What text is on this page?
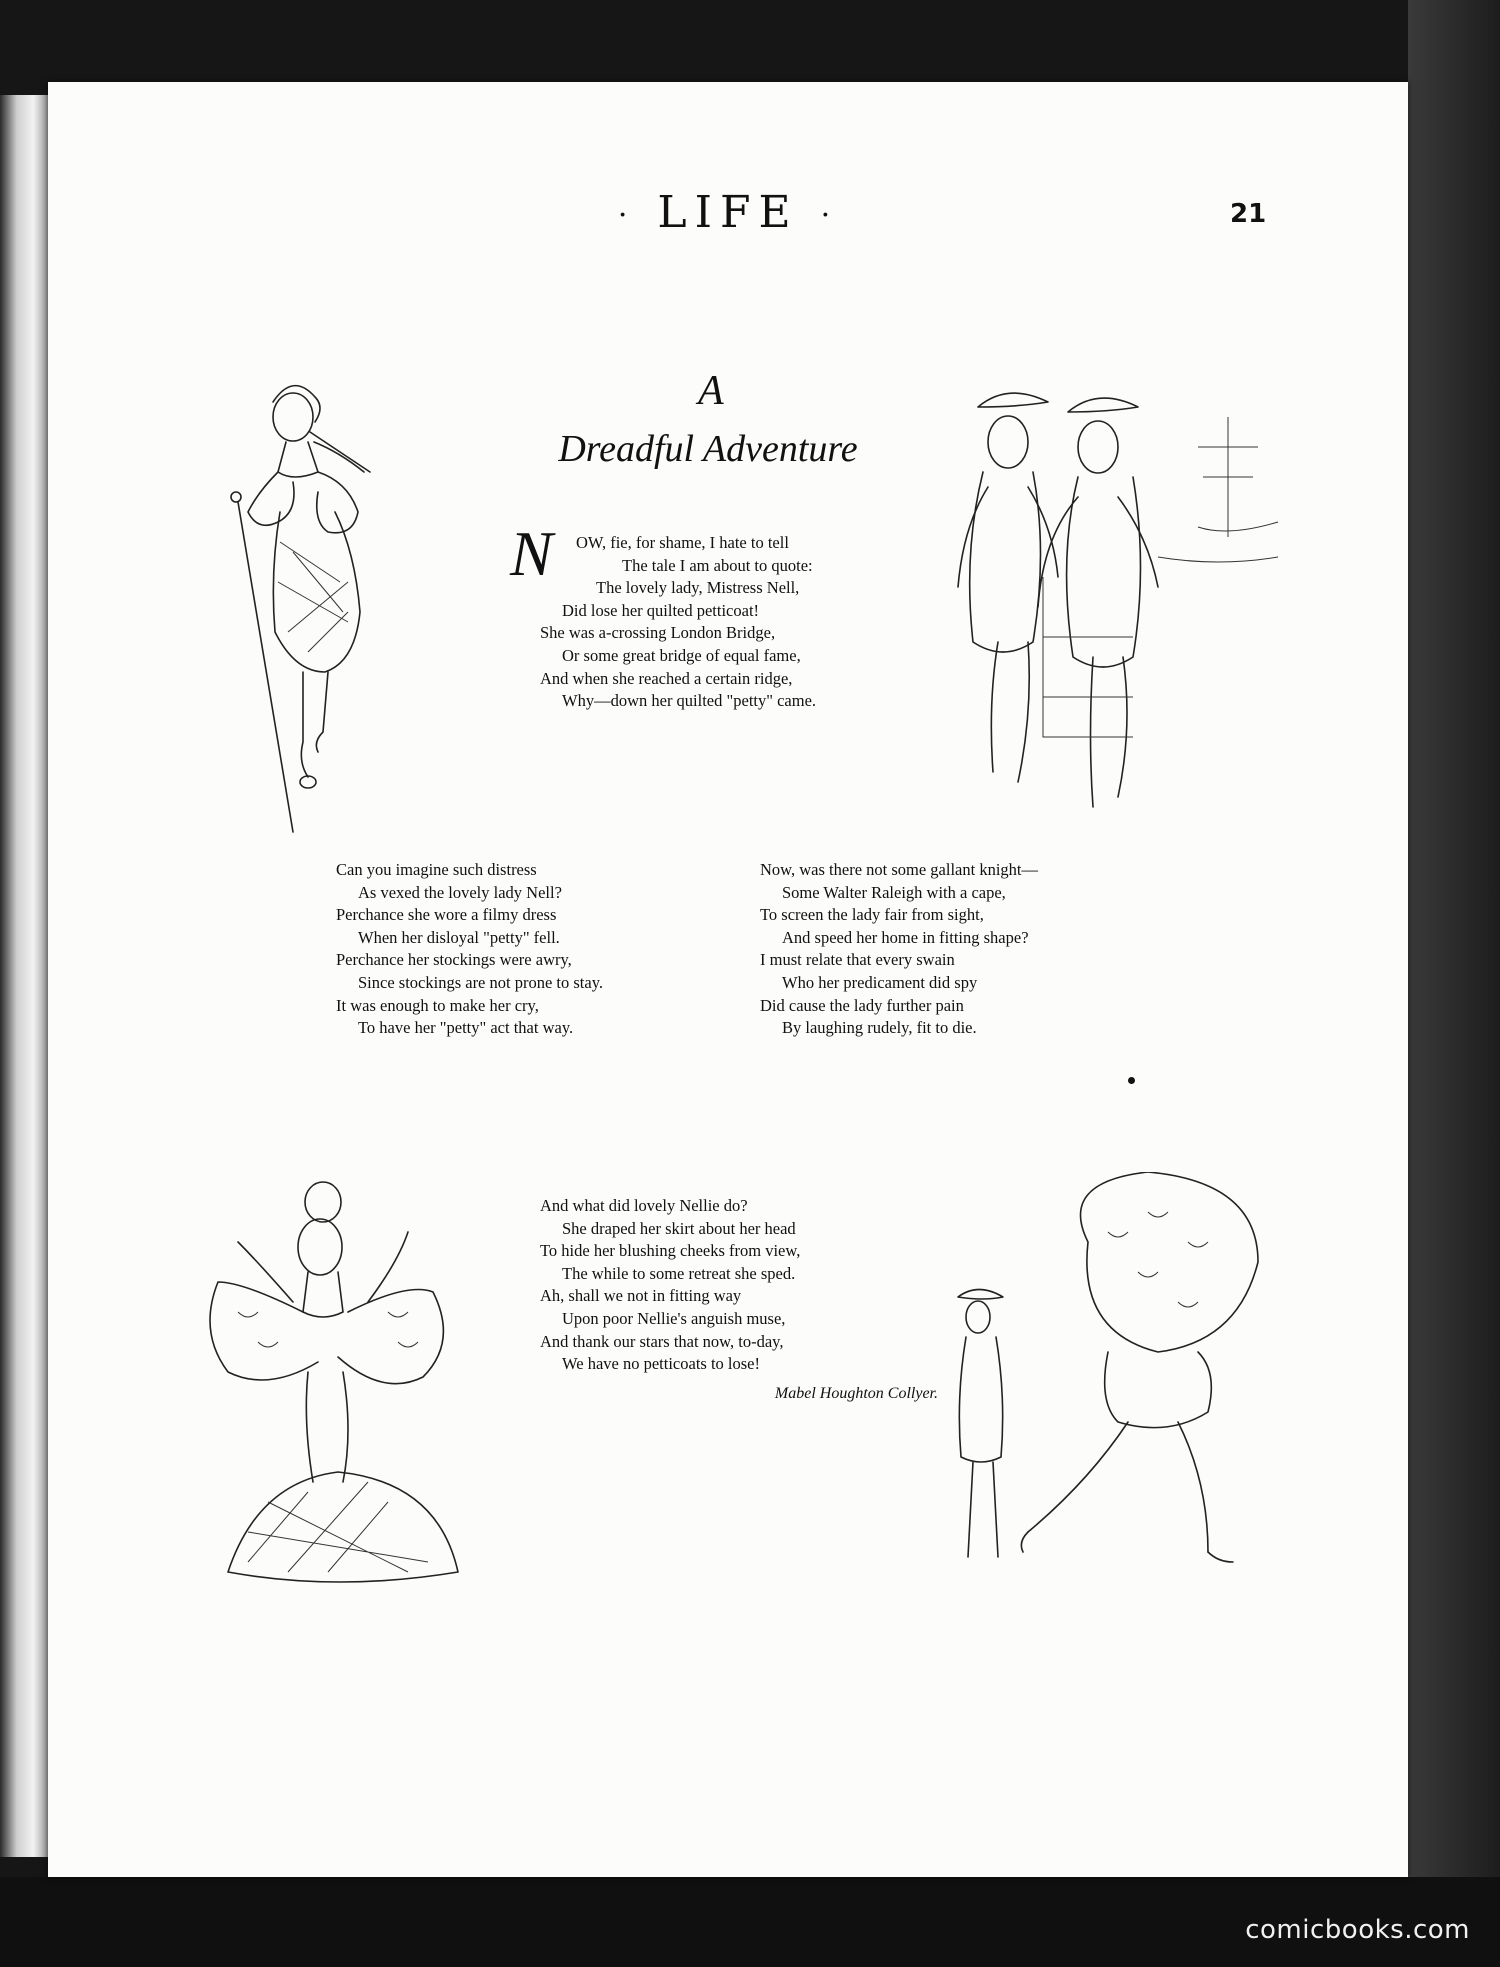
comicbooks.com
· LIFE ·	21
A
Dreadful Adventure
N	OW, fie, for shame, I hate to tell
The tale I am about to quote:
The lovely lady, Mistress Nell,
Did lose her quilted petticoat!
She was a-crossing London Bridge,
Or some great bridge of equal fame,
And when she reached a certain ridge,
Why—down her quilted "petty" came.
Can you imagine such distress
As vexed the lovely lady Nell?
Perchance she wore a filmy dress
When her disloyal "petty" fell.
Perchance her stockings were awry,
Since stockings are not prone to stay.
It was enough to make her cry,
To have her "petty" act that way.
Now, was there not some gallant knight—
Some Walter Raleigh with a cape,
To screen the lady fair from sight,
And speed her home in fitting shape?
I must relate that every swain
Who her predicament did spy
Did cause the lady further pain
By laughing rudely, fit to die.
And what did lovely Nellie do?
She draped her skirt about her head
To hide her blushing cheeks from view,
The while to some retreat she sped.
Ah, shall we not in fitting way
Upon poor Nellie's anguish muse,
And thank our stars that now, to-day,
We have no petticoats to lose!
Mabel Houghton Collyer.
